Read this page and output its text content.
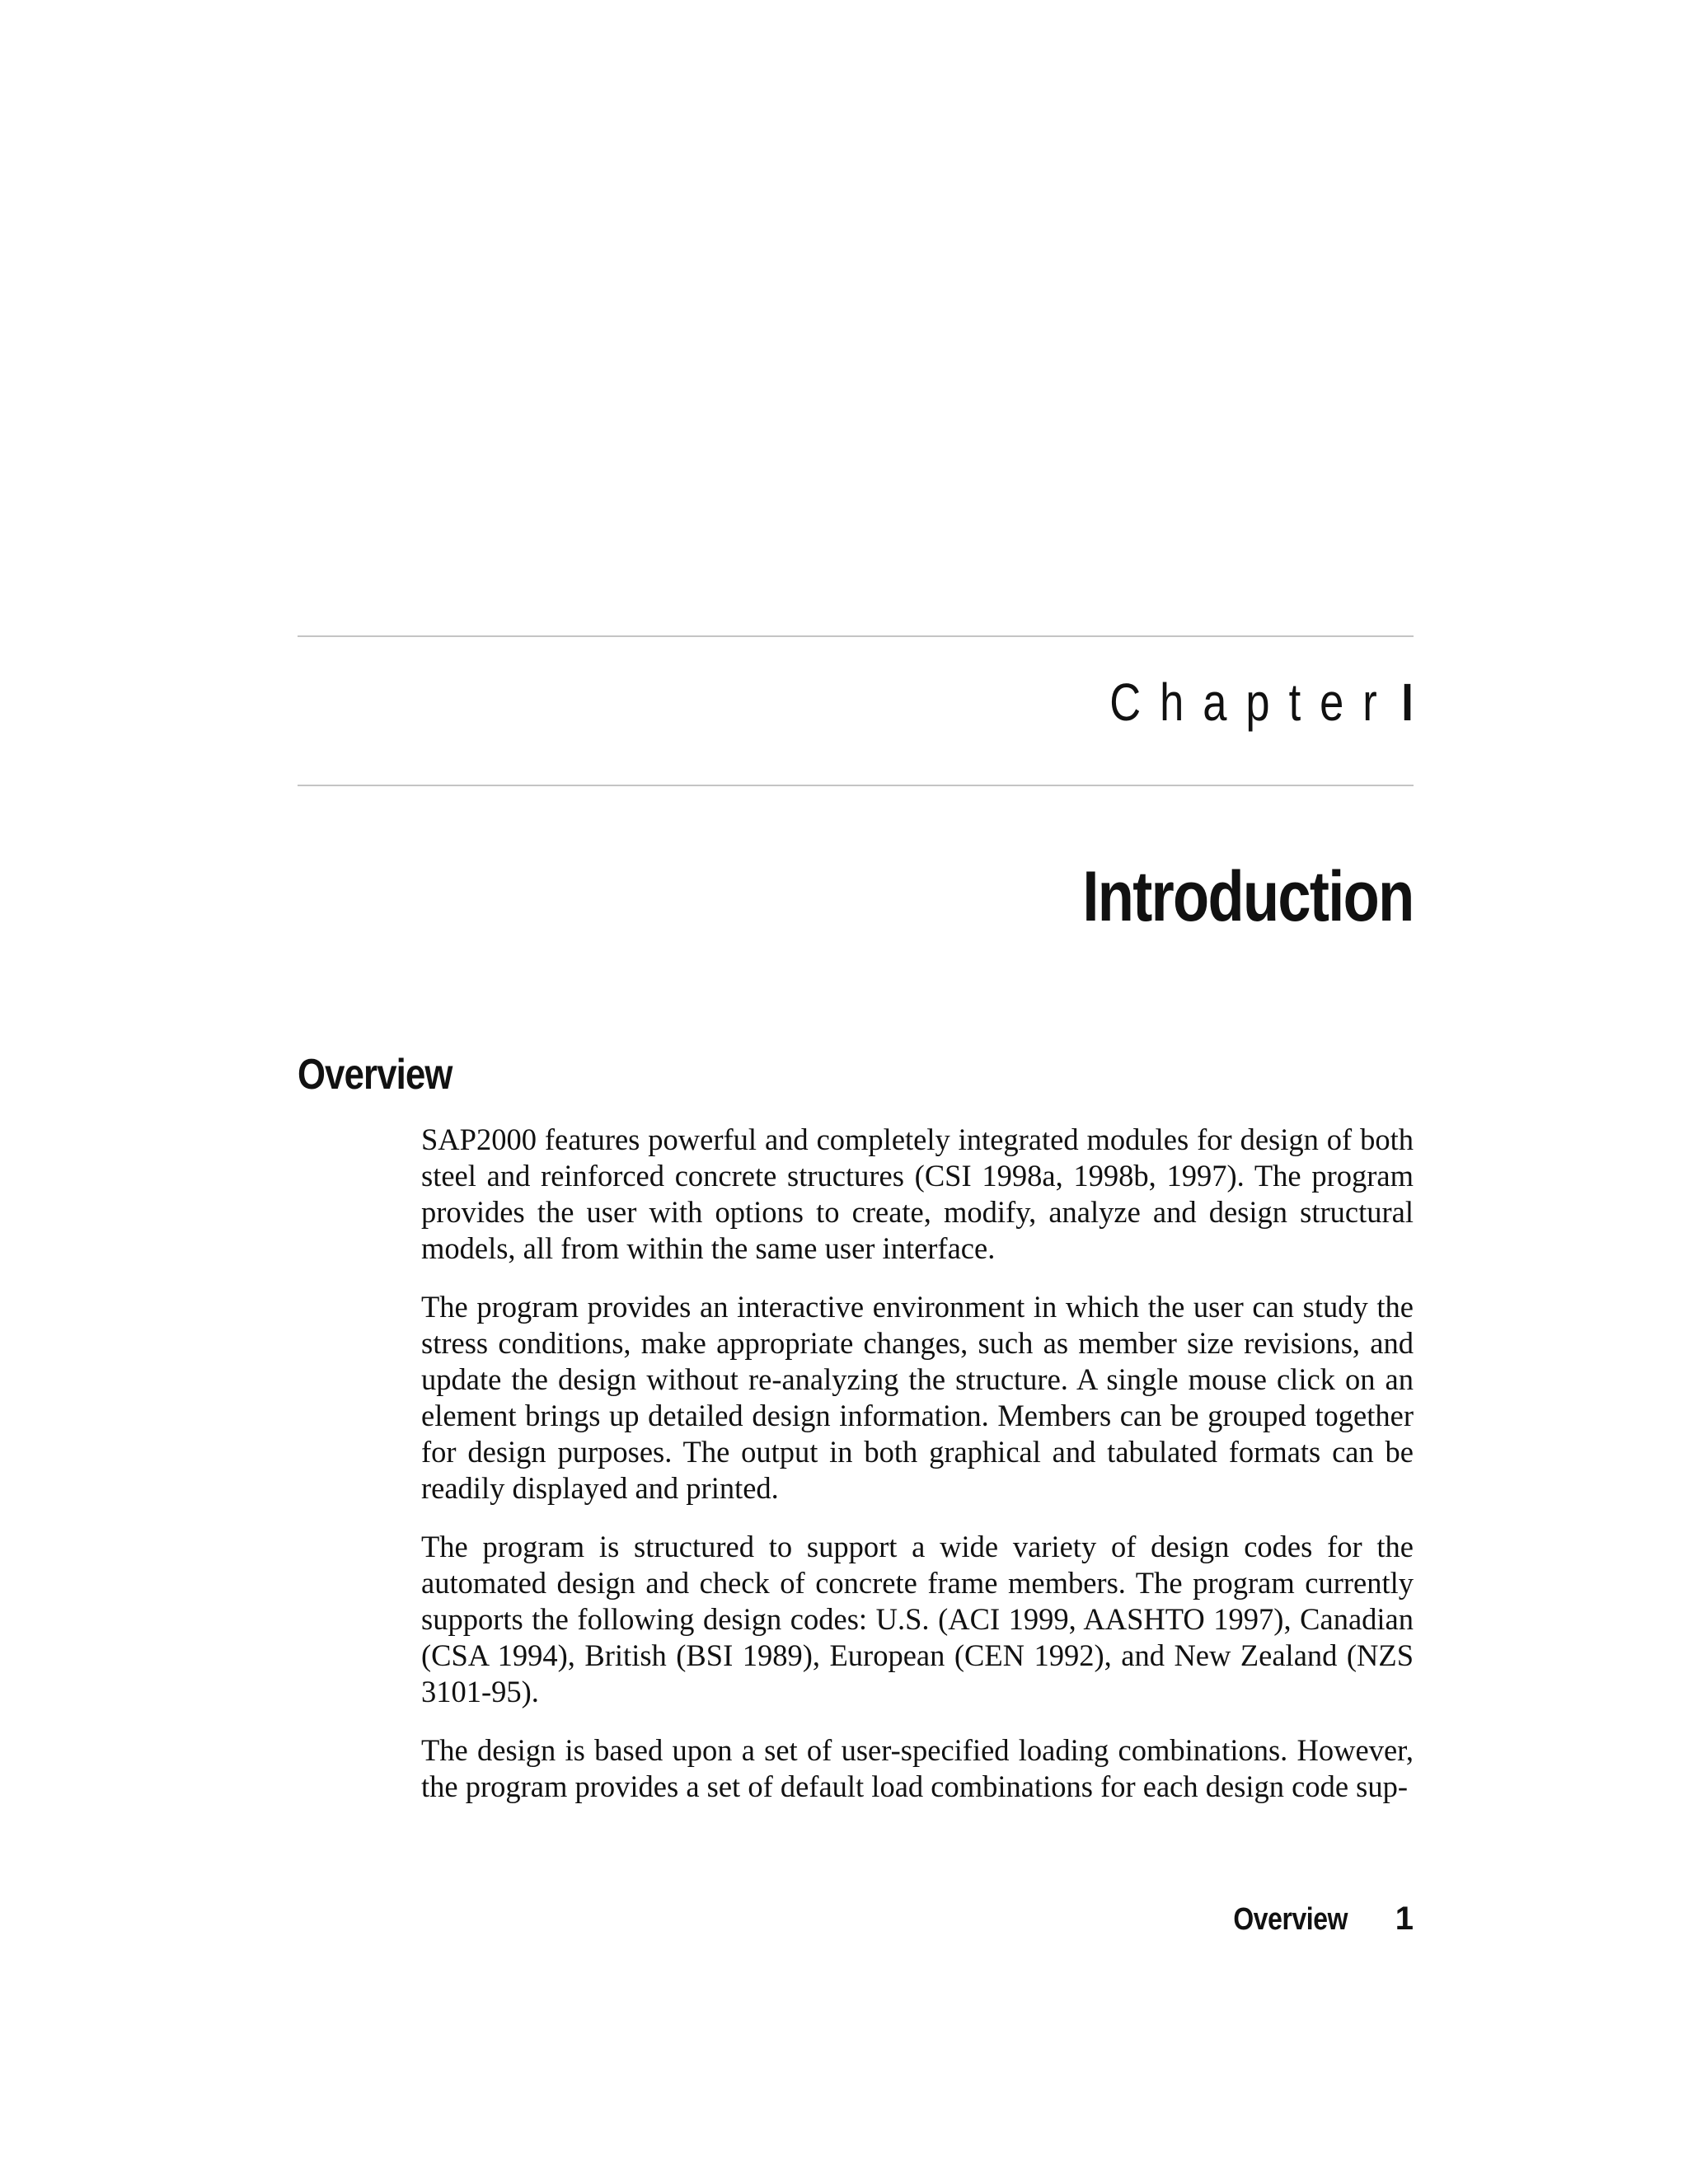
Chapter I
Introduction
Overview

SAP2000 features powerful and completely integrated modules for design of both steel and reinforced concrete structures (CSI 1998a, 1998b, 1997). The program provides the user with options to create, modify, analyze and design structural models, all from within the same user interface.

The program provides an interactive environment in which the user can study the stress conditions, make appropriate changes, such as member size revisions, and update the design without re-analyzing the structure. A single mouse click on an element brings up detailed design information. Members can be grouped together for design purposes. The output in both graphical and tabulated formats can be readily displayed and printed.

The program is structured to support a wide variety of design codes for the automated design and check of concrete frame members. The program currently supports the following design codes: U.S. (ACI 1999, AASHTO 1997), Canadian (CSA 1994), British (BSI 1989), European (CEN 1992), and New Zealand (NZS 3101-95).

The design is based upon a set of user-specified loading combinations. However, the program provides a set of default load combinations for each design code sup-

Overview 1
